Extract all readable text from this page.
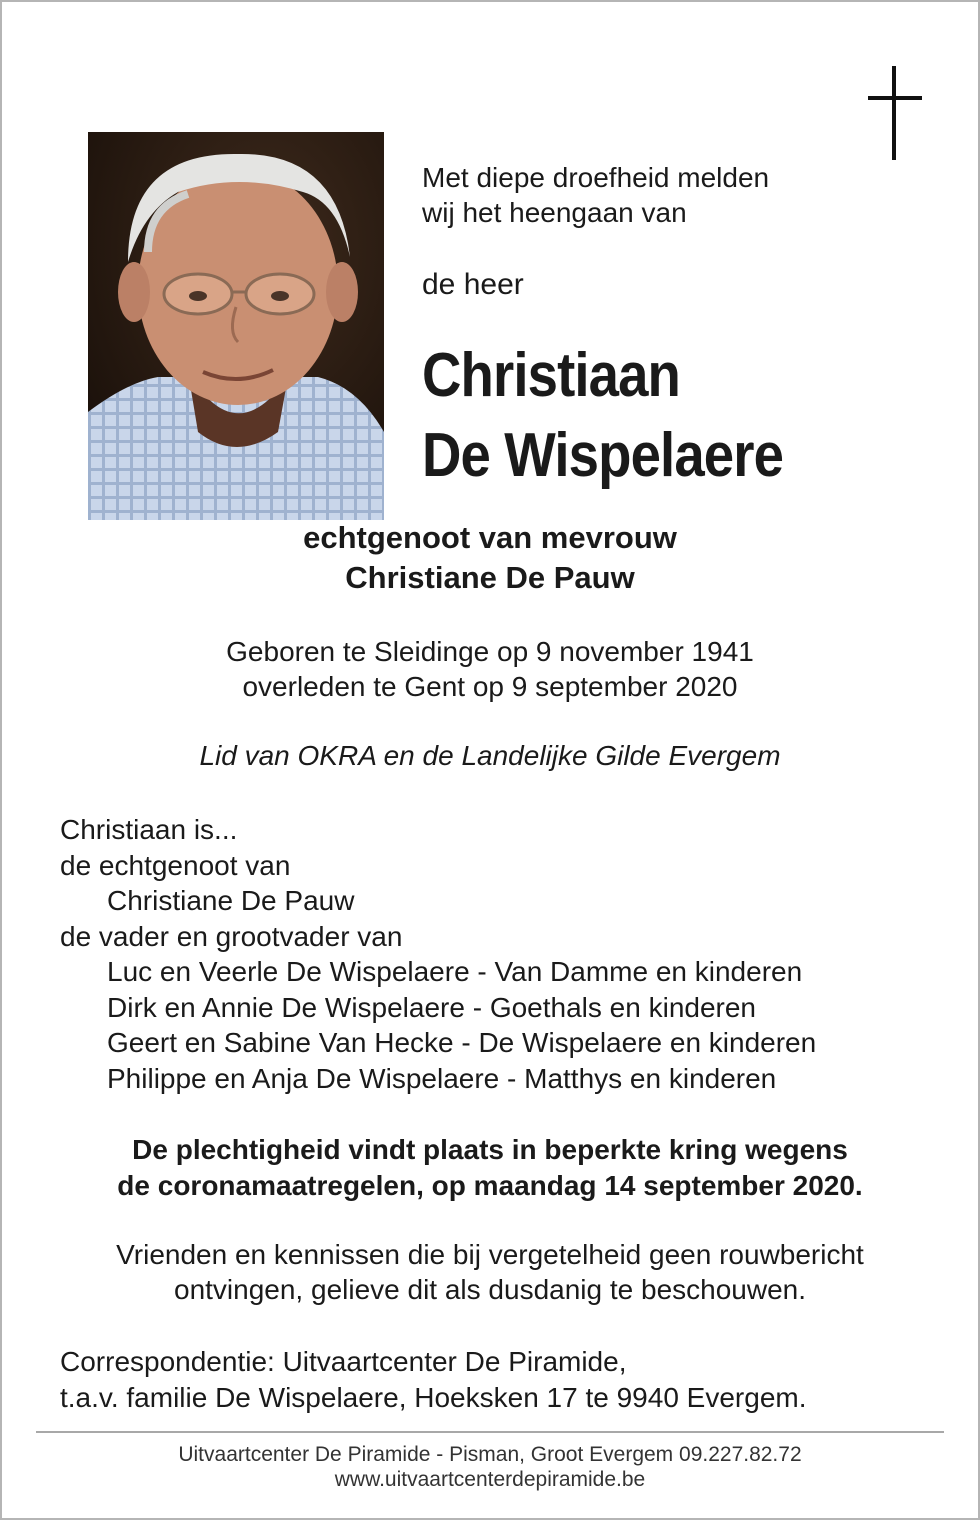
Met diepe droefheid melden
wij het heengaan van
de heer
Christiaan
De Wispelaere
echtgenoot van mevrouw
Christiane De Pauw
Geboren te Sleidinge op 9 november 1941
overleden te Gent op 9 september 2020
Lid van OKRA en de Landelijke Gilde Evergem
Christiaan is...
de echtgenoot van
Christiane De Pauw
de vader en grootvader van
Luc en Veerle De Wispelaere - Van Damme en kinderen
Dirk en Annie De Wispelaere - Goethals en kinderen
Geert en Sabine Van Hecke - De Wispelaere en kinderen
Philippe en Anja De Wispelaere - Matthys en kinderen
De plechtigheid vindt plaats in beperkte kring wegens
de coronamaatregelen, op maandag 14 september 2020.
Vrienden en kennissen die bij vergetelheid geen rouwbericht
ontvingen, gelieve dit als dusdanig te beschouwen.
Correspondentie: Uitvaartcenter De Piramide,
t.a.v. familie De Wispelaere, Hoeksken 17 te 9940 Evergem.
Uitvaartcenter De Piramide - Pisman, Groot Evergem 09.227.82.72
www.uitvaartcenterdepiramide.be
